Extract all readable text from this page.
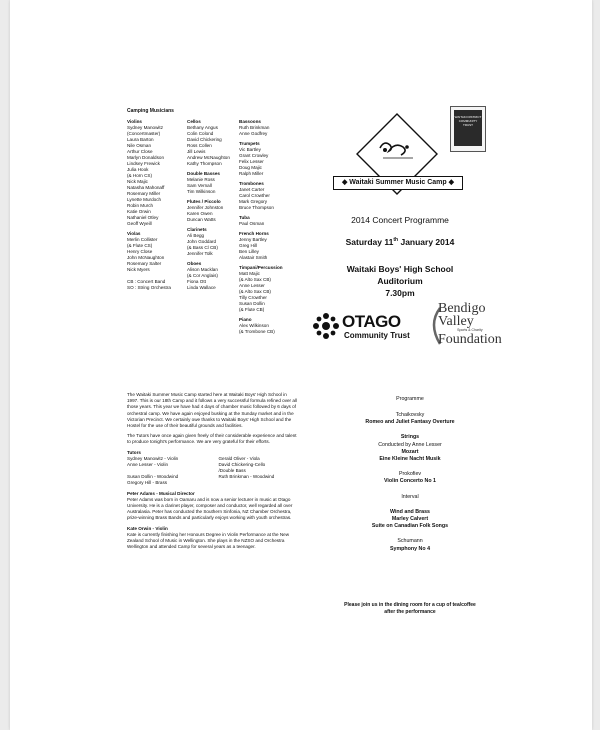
Camping Musicians
Violins
Sydney Manowitz
(Concertmaster)
Laura Barton
Nile Osman
Arthur Close
Marlyn Donaldson
Lindsey Frewick
Julia Hook
(& Horn CS)
Nick Majic
Natasha Mahonaff
Rosemary Miller
Lynette Murdoch
Robin Murch
Katie Orwin
Nathaniel Otley
Geoff Wyeill
Violas
Merlin Collister
(& Flute CS)
Henry Close
John McNaughton
Rosemary Salter
Nick Myers
CB : Concert Band
SO : String Orchestra
Cellos
Bethany Angus
Colin Colond
David Chickering
Ross Collen
Jill Lewis
Andrew McNaughton
Kathy Thompson
Double Basses
Melanie Ross
Sam Vernall
Tim Wilkinson
Flutes / Piccolo
Jennifer Johnston
Karen Owen
Duncan Watts
Clarinets
Ali Begg
John Goddard
(& Bass Cl CB)
Jennifer Tolk
Oboes
Alison Macklan
(& Cor Anglais)
Fiona Ott
Linda Wallace
Bassoons
Ruth Brinkman
Anne Godfrey
Trumpets
Vic Bartley
Grant Crowley
Felix Lesser
Doug Majic
Ralph Miller
Trombones
Janet Carter
Carol Crowther
Mark Gregory
Bruce Thompson
Tuba
Paul Osman
French Horns
Jenny Bartley
Greg Hill
Ben Lilley
Alastair Smith
Timpani/Percussion
Matt Majic
(& Alto Sax CB)
Anne Lesser
(& Alto Sax CB)
Tilly Crowther
Susan Dollin
(& Flute CB)
Piano
Alex Wilkinson
(& Trombone CB)
◆ Waitaki Summer Music Camp ◆
WAITAKI DISTRICT
COMMUNITY
TRUST
2014 Concert Programme
Saturday 11th January 2014
Waitaki Boys' High School
Auditorium
7.30pm
OTAGO
Community Trust
Bendigo
Valley
Sports & Charity
Foundation

The Waitaki Summer Music Camp started here at Waitaki Boys' High School in 1997. This is our 18th Camp and it follows a very successful formula refined over all those years. This year we have had 4 days of chamber music followed by 6 days of orchestral camp. We have again enjoyed busking at the Sunday market and in the Victorian Precinct. We certainly owe thanks to Waitaki Boys' High School and the Hostel for the use of their beautiful grounds and facilities.

The Tutors have once again given freely of their considerable experience and talent to produce tonight's performance. We are very grateful for their efforts.

Tutors
Sydney Manowitz - Violin
Anne Lesser - Violin
Susan Dollin - Woodwind
Gregory Hill - Brass
Gerald Oliver - Viola
David Chickering-Cello
/Double Bass
Ruth Brinkman - Woodwind
Peter Adams - Musical Director

Peter Adams was born in Oamaru and is now a senior lecturer in music at Otago University. He is a clarinet player, composer and conductor, well regarded all over Australasia. Peter has conducted the Southern Sinfonia, NZ Chamber Orchestra, prize-winning Brass Bands and particularly enjoys working with youth orchestras.

Kate Orwin - Violin

Kate is currently finishing her Honours Degree in Violin Performance at the New Zealand School of Music in Wellington. She plays in the NZSO and Orchestra Wellington and attended Camp for several years as a teenager.

Programme
Tchaikovsky
Romeo and Juliet Fantasy Overture
Strings
Conducted by Anne Lesser
Mozart
Eine Kleine Nacht Musik
Prokofiev
Violin Concerto No 1
Interval
Wind and Brass
Marley Calvert
Suite on Canadian Folk Songs
Schumann
Symphony No 4
Please join us in the dining room for a cup of tea/coffee
after the performance
